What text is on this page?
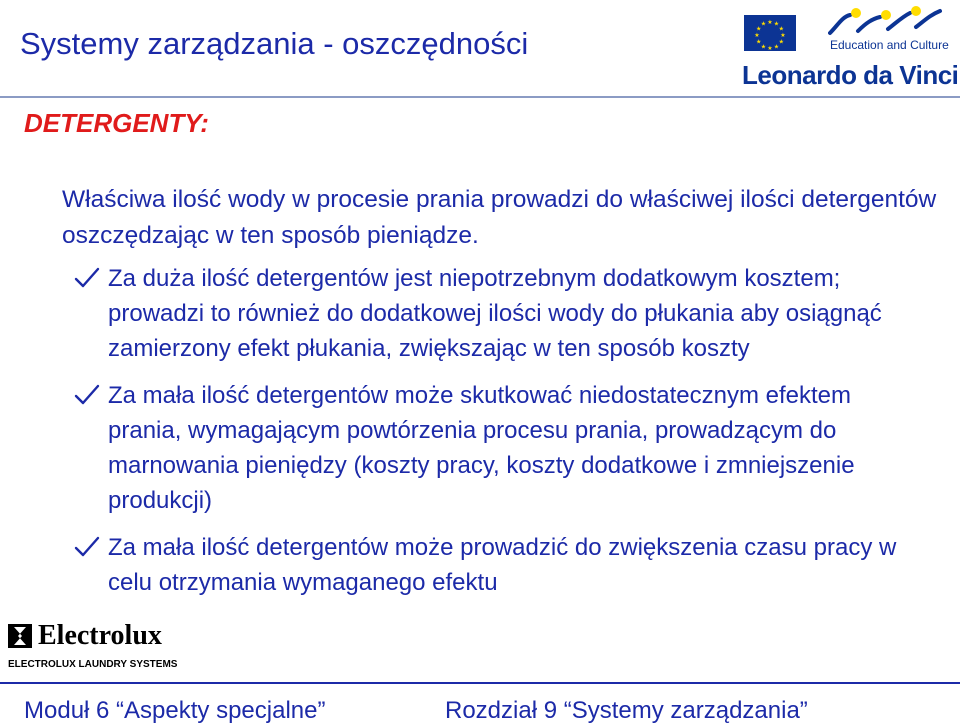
Systemy zarządzania - oszczędności
★ ★
★
★
★
★
★
★
★
★
★
★
Education and Culture
Leonardo da Vinci
DETERGENTY:
Właściwa ilość wody w procesie prania prowadzi do właściwej ilości detergentów oszczędzając w ten sposób pieniądze.
Za duża ilość detergentów jest niepotrzebnym dodatkowym kosztem; prowadzi to również do dodatkowej ilości wody do płukania aby osiągnąć zamierzony efekt płukania, zwiększając w ten sposób koszty
Za mała ilość detergentów może skutkować niedostatecznym efektem prania, wymagającym powtórzenia procesu prania, prowadzącym do marnowania pieniędzy (koszty pracy, koszty dodatkowe i zmniejszenie produkcji)
Za mała ilość detergentów może prowadzić do zwiększenia czasu pracy w celu otrzymania wymaganego efektu
Electrolux
ELECTROLUX LAUNDRY SYSTEMS
Moduł 6 “Aspekty specjalne”	Rozdział 9 “Systemy zarządzania”
